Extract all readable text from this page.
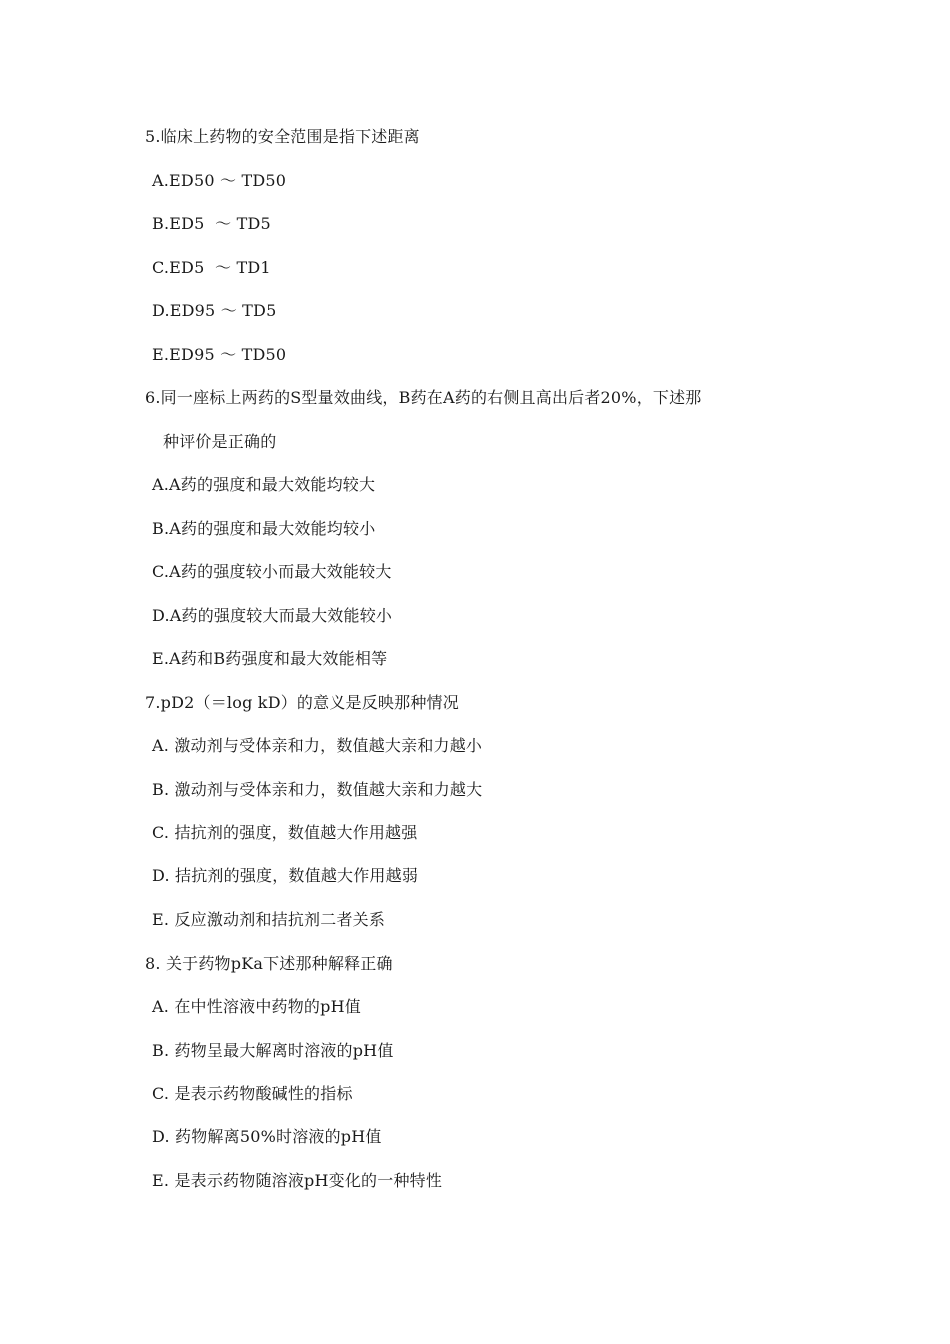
5.临床上药物的安全范围是指下述距离
A.ED50 ～ TD50
B.ED5  ～ TD5
C.ED5  ～ TD1
D.ED95 ～ TD5
E.ED95 ～ TD50
6.同一座标上两药的S型量效曲线，B药在A药的右侧且高出后者20%，下述那
种评价是正确的
A.A药的强度和最大效能均较大
B.A药的强度和最大效能均较小
C.A药的强度较小而最大效能较大
D.A药的强度较大而最大效能较小
E.A药和B药强度和最大效能相等
7.pD2（＝log kD）的意义是反映那种情况
A. 激动剂与受体亲和力，数值越大亲和力越小
B. 激动剂与受体亲和力，数值越大亲和力越大
C. 拮抗剂的强度，数值越大作用越强
D. 拮抗剂的强度，数值越大作用越弱
E. 反应激动剂和拮抗剂二者关系
8. 关于药物pKa下述那种解释正确
A. 在中性溶液中药物的pH值
B. 药物呈最大解离时溶液的pH值
C. 是表示药物酸碱性的指标
D. 药物解离50%时溶液的pH值
E. 是表示药物随溶液pH变化的一种特性
